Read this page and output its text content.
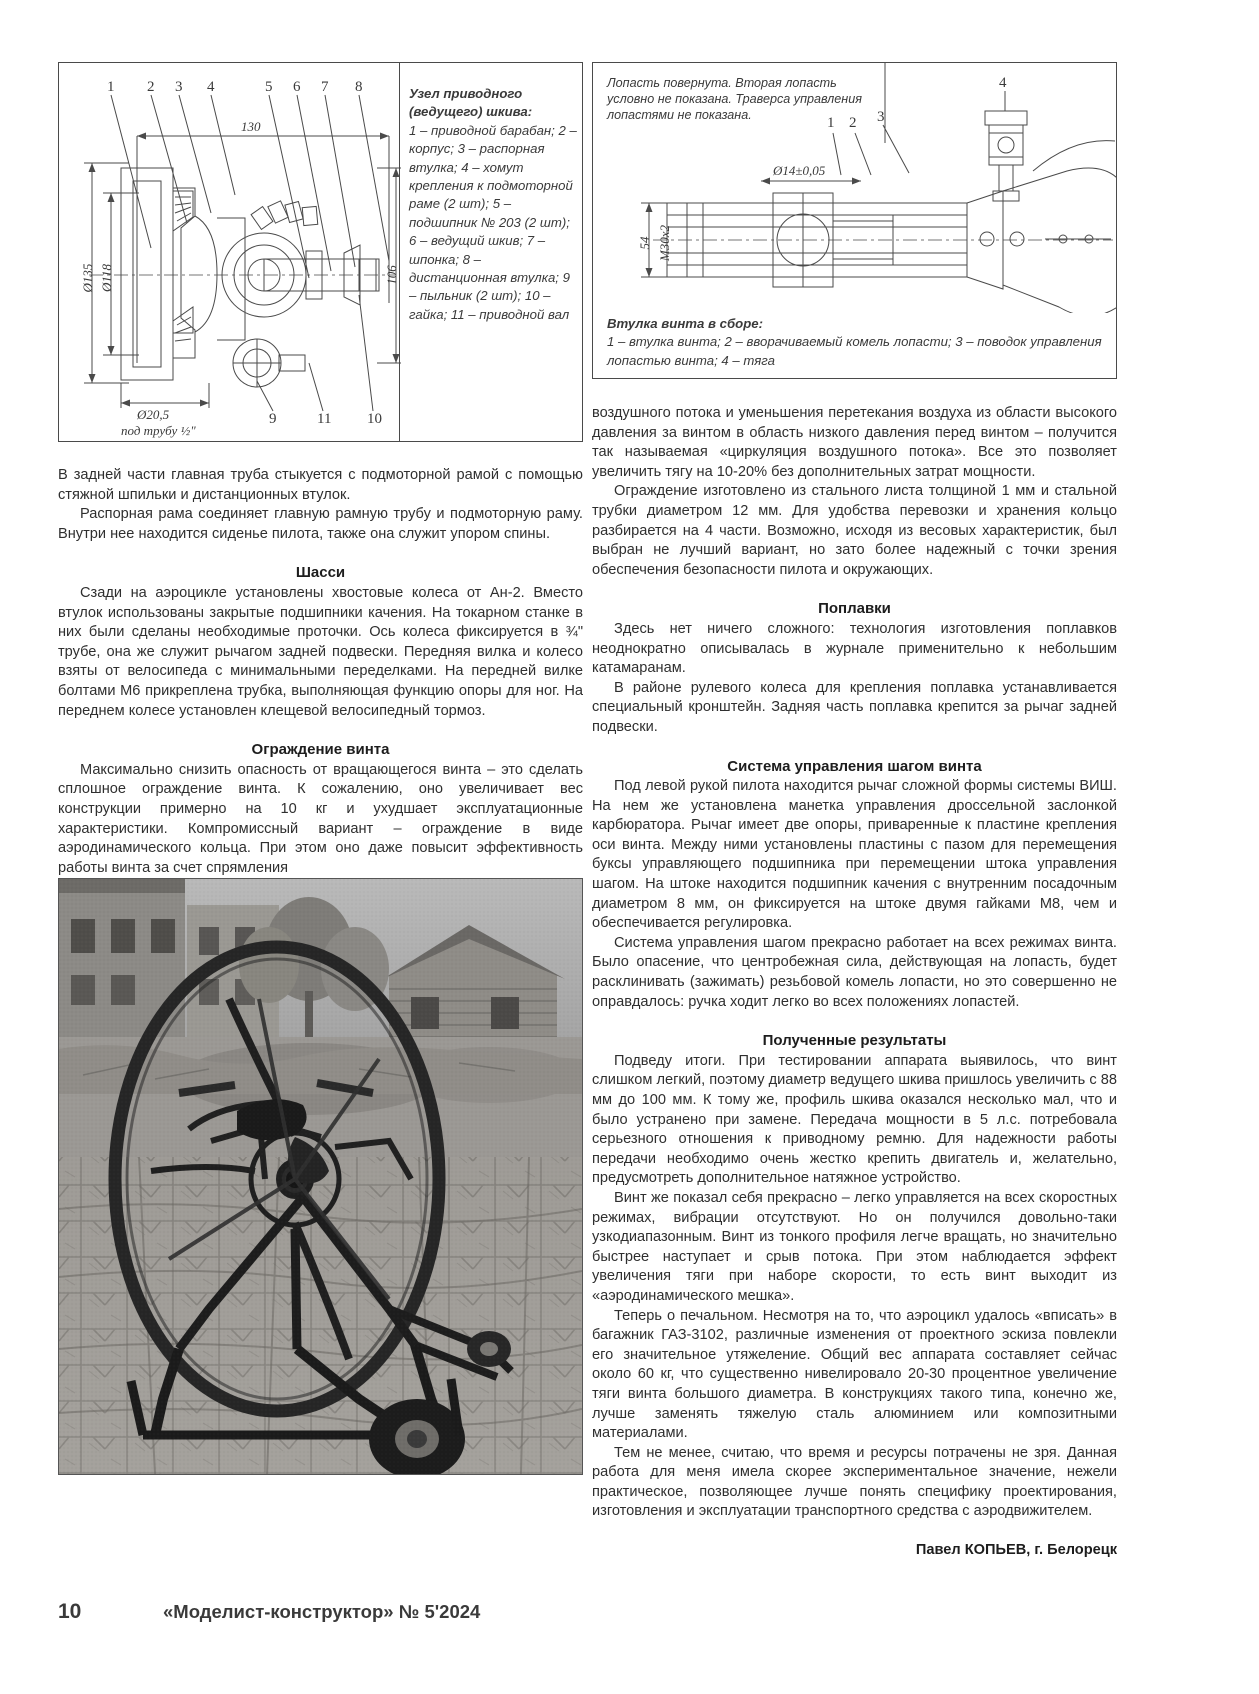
1 2 3 4	5 6 7 8
9	11 10
130
106
Ø135 Ø118
Ø20,5
под трубу ½"
Узел приводного (ведущего) шкива:
1 – приводной барабан; 2 – корпус; 3 – распорная втулка; 4 – хомут крепления к подмоторной раме (2 шт); 5 – подшипник № 203 (2 шт); 6 – ведущий шкив; 7 – шпонка; 8 – дистанционная втулка; 9 – пыльник (2 шт); 10 – гайка; 11 – приводной вал
Лопасть повернута. Вторая лопасть условно не показана. Траверса управления лопастями не показана.	1 2 3
4
Ø14±0,05
54 M30x2
Втулка винта в сборе:
1 – втулка винта; 2 – вворачиваемый комель лопасти; 3 – поводок управления лопастью винта; 4 – тяга

В задней части главная труба стыкуется с подмоторной рамой с помощью стяжной шпильки и дистанционных втулок.

Распорная рама соединяет главную рамную трубу и подмоторную раму. Внутри нее находится сиденье пилота, также она служит упором спины.

Шасси

Сзади на аэроцикле установлены хвостовые колеса от Ан-2. Вместо втулок использованы закрытые подшипники качения. На токарном станке в них были сделаны необходимые проточки. Ось колеса фиксируется в ¾" трубе, она же служит рычагом задней подвески. Передняя вилка и колесо взяты от велосипеда с минимальными переделками. На передней вилке болтами М6 прикреплена трубка, выполняющая функцию опоры для ног. На переднем колесе установлен клещевой велосипедный тормоз.

Ограждение винта

Максимально снизить опасность от вращающегося винта – это сделать сплошное ограждение винта. К сожалению, оно увеличивает вес конструкции примерно на 10 кг и ухудшает эксплуатационные характеристики. Компромиссный вариант – ограждение в виде аэродинамического кольца. При этом оно даже повысит эффективность работы винта за счет спрямления

воздушного потока и уменьшения перетекания воздуха из области высокого давления за винтом в область низкого давления перед винтом – получится так называемая «циркуляция воздушного потока». Все это позволяет увеличить тягу на 10-20% без дополнительных затрат мощности.

Ограждение изготовлено из стального листа толщиной 1 мм и стальной трубки диаметром 12 мм. Для удобства перевозки и хранения кольцо разбирается на 4 части. Возможно, исходя из весовых характеристик, был выбран не лучший вариант, но зато более надежный с точки зрения обеспечения безопасности пилота и окружающих.

Поплавки

Здесь нет ничего сложного: технология изготовления поплавков неоднократно описывалась в журнале применительно к небольшим катамаранам.

В районе рулевого колеса для крепления поплавка устанавливается специальный кронштейн. Задняя часть поплавка крепится за рычаг задней подвески.

Система управления шагом винта

Под левой рукой пилота находится рычаг сложной формы системы ВИШ. На нем же установлена манетка управления дроссельной заслонкой карбюратора. Рычаг имеет две опоры, приваренные к пластине крепления оси винта. Между ними установлены пластины с пазом для перемещения буксы управляющего подшипника при перемещении штока управления шагом. На штоке находится подшипник качения с внутренним посадочным диаметром 8 мм, он фиксируется на штоке двумя гайками М8, чем и обеспечивается регулировка.

Система управления шагом прекрасно работает на всех режимах винта. Было опасение, что центробежная сила, действующая на лопасть, будет расклинивать (зажимать) резьбовой комель лопасти, но это совершенно не оправдалось: ручка ходит легко во всех положениях лопастей.

Полученные результаты

Подведу итоги. При тестировании аппарата выявилось, что винт слишком легкий, поэтому диаметр ведущего шкива пришлось увеличить с 88 мм до 100 мм. К тому же, профиль шкива оказался несколько мал, что и было устранено при замене. Передача мощности в 5 л.с. потребовала серьезного отношения к приводному ремню. Для надежности работы передачи необходимо очень жестко крепить двигатель и, желательно, предусмотреть дополнительное натяжное устройство.

Винт же показал себя прекрасно – легко управляется на всех скоростных режимах, вибрации отсутствуют. Но он получился довольно-таки узкодиапазонным. Винт из тонкого профиля легче вращать, но значительно быстрее наступает и срыв потока. При этом наблюдается эффект увеличения тяги при наборе скорости, то есть винт выходит из «аэродинамического мешка».

Теперь о печальном. Несмотря на то, что аэроцикл удалось «вписать» в багажник ГАЗ-3102, различные изменения от проектного эскиза повлекли его значительное утяжеление. Общий вес аппарата составляет сейчас около 60 кг, что существенно нивелировало 20-30 процентное увеличение тяги винта большого диаметра. В конструкциях такого типа, конечно же, лучше заменять тяжелую сталь алюминием или композитными материалами.

Тем не менее, считаю, что время и ресурсы потрачены не зря. Данная работа для меня имела скорее экспериментальное значение, нежели практическое, позволяющее лучше понять специфику проектирования, изготовления и эксплуатации транспортного средства с аэродвижителем.

Павел КОПЬЕВ, г. Белорецк
10	«Моделист-конструктор» № 5'2024
